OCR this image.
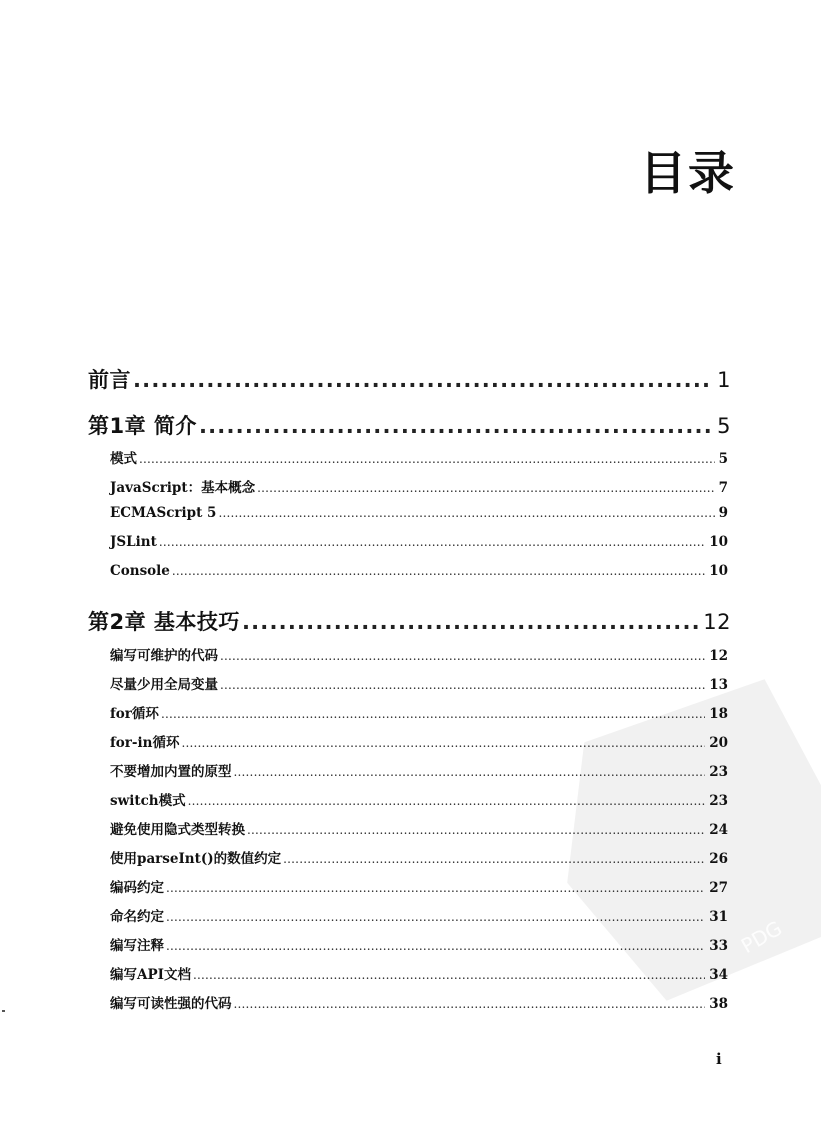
PDG
目录
前言 .....	1
第1章 简介 .....	5
模式 .....	5
JavaScript：基本概念 .....	7
ECMAScript 5 .....	9
JSLint .....	10
Console .....	10
第2章 基本技巧 .....	12
编写可维护的代码 .....	12
尽量少用全局变量 .....	13
for循环 .....	18
for-in循环 .....	20
不要增加内置的原型 .....	23
switch模式 .....	23
避免使用隐式类型转换 .....	24
使用parseInt()的数值约定 .....	26
编码约定 .....	27
命名约定 .....	31
编写注释 .....	33
编写API文档 .....	34
编写可读性强的代码 .....	38
i
